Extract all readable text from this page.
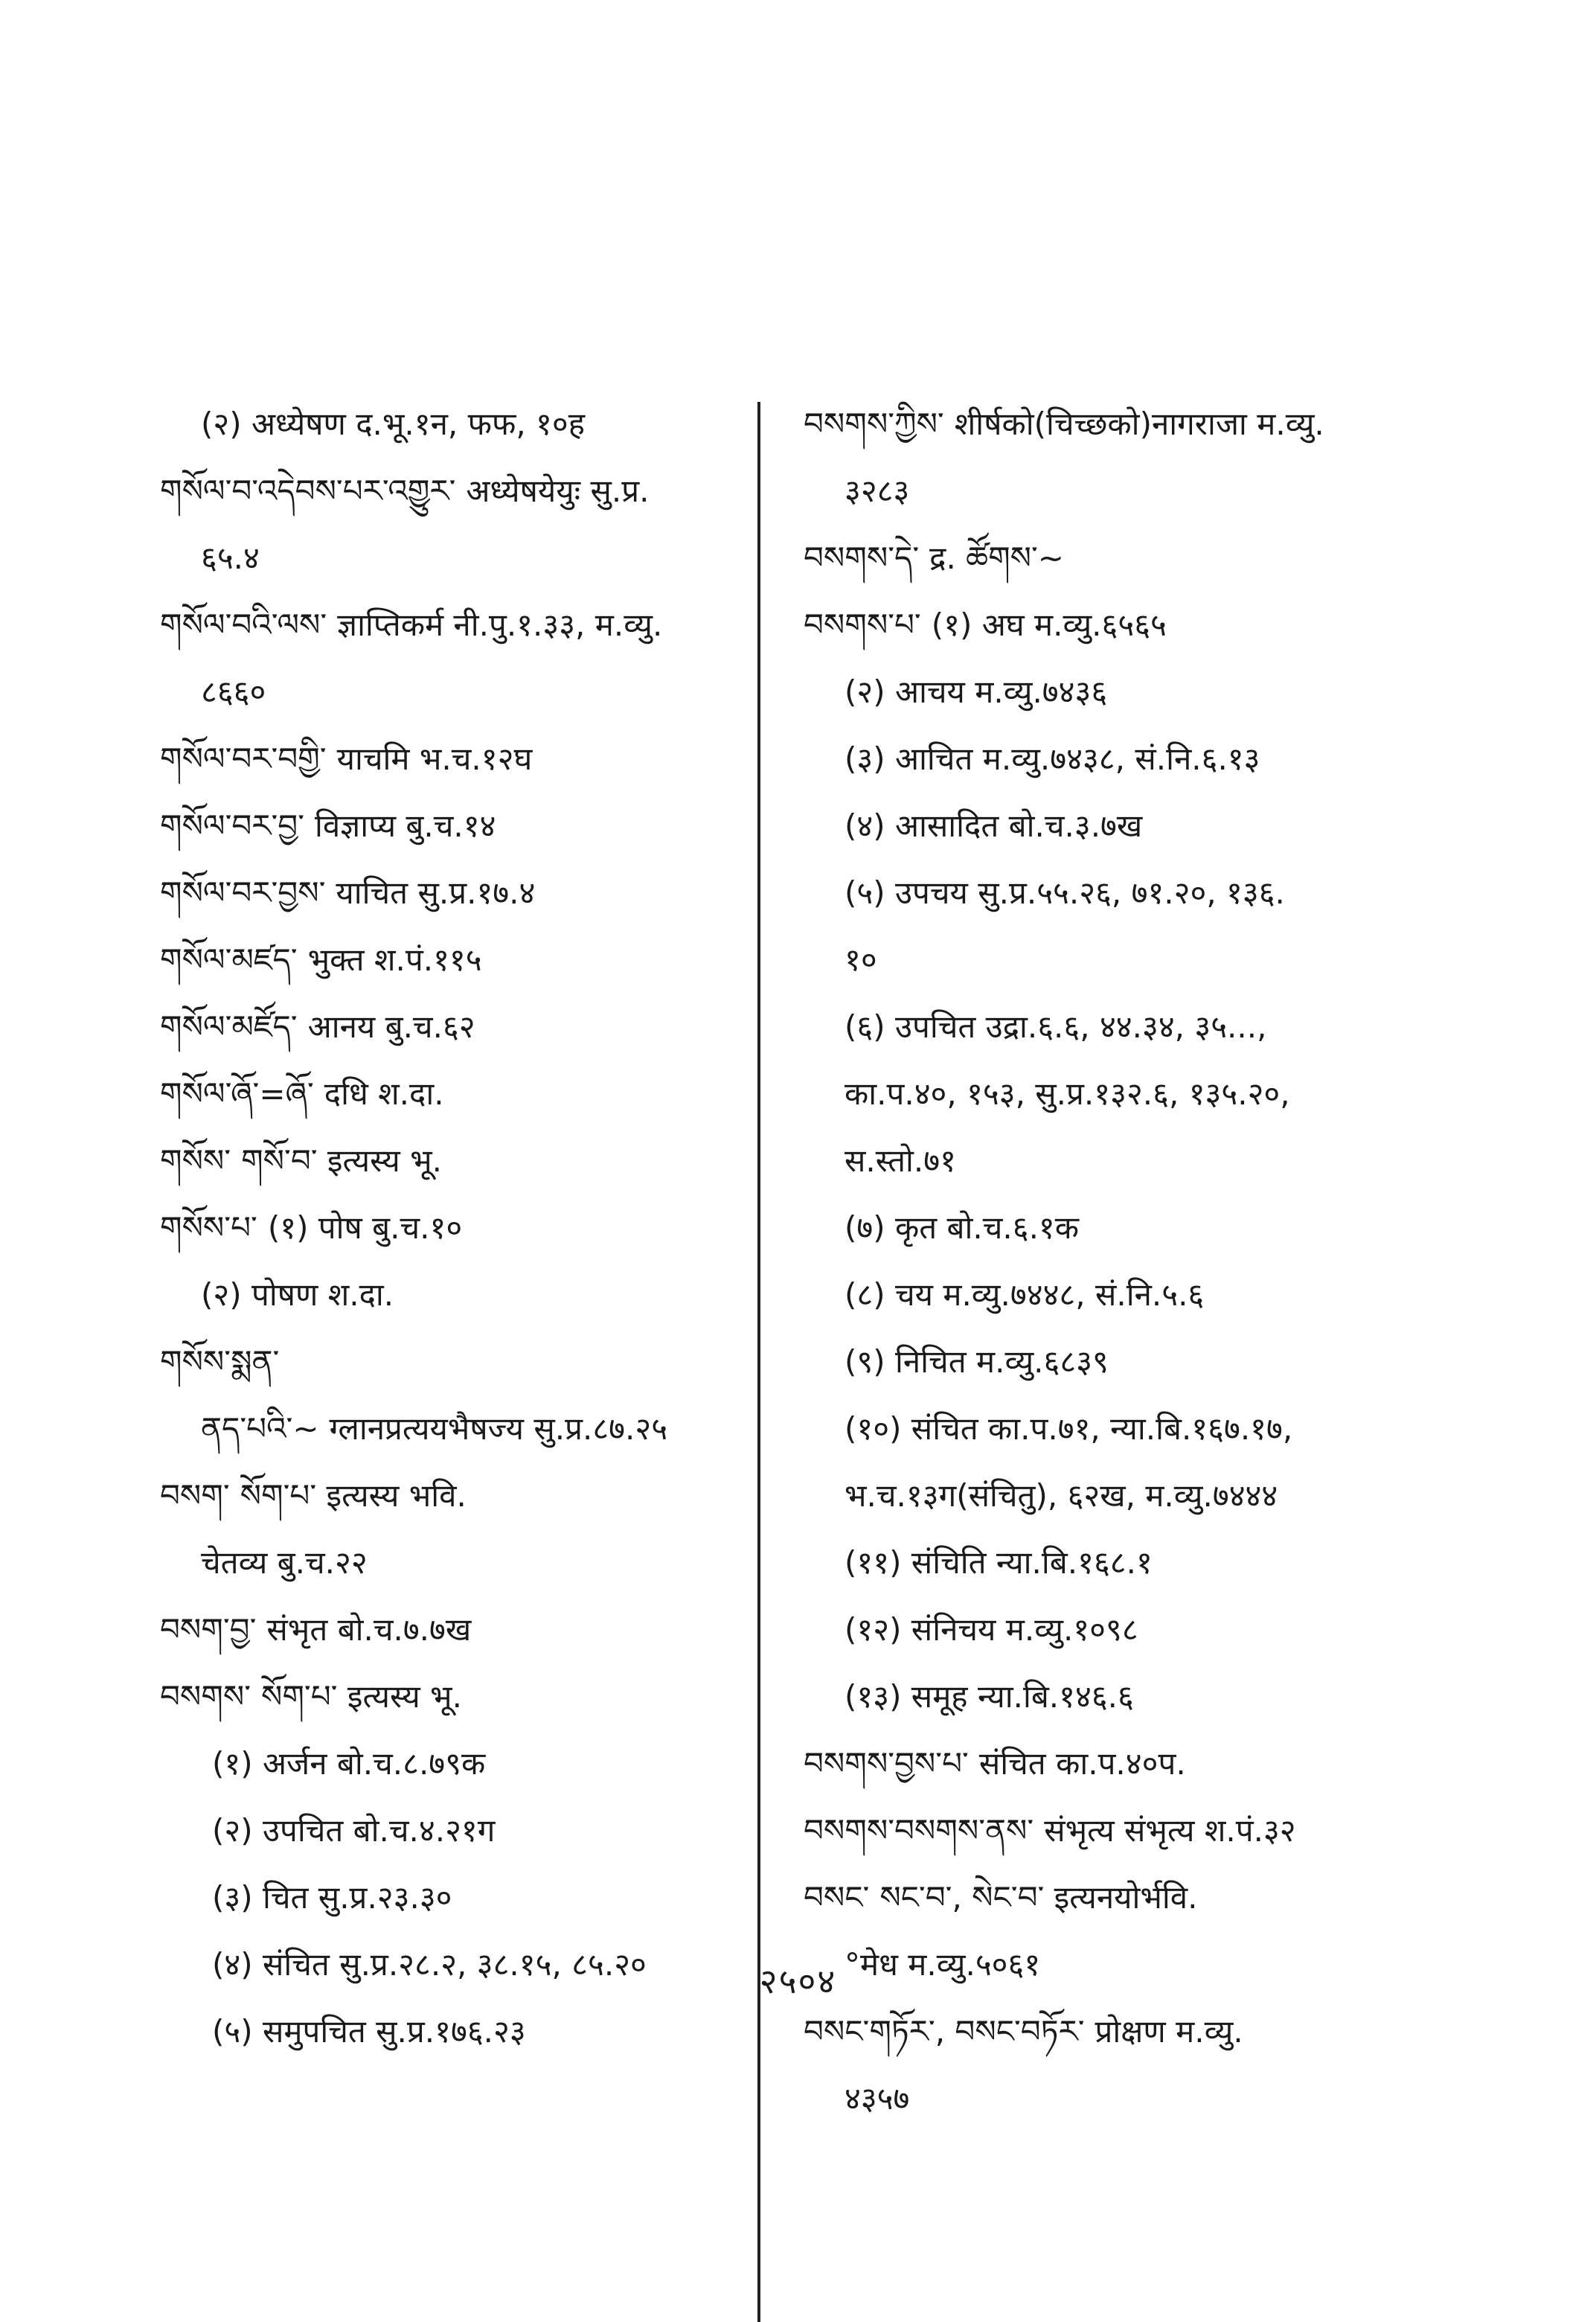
(२) अध्येषण द.भू.१न, फफ, १०ह
གསོལ་བ་འདེབས་པར་འགྱུར་ अध्येषयेयुः सु.प्र.
६५.४
གསོལ་བའི་ལས་ ज्ञाप्तिकर्म नी.पु.१.३३, म.व्यु.
८६६०
གསོལ་བར་བགྱི་ याचमि भ.च.१२घ
གསོལ་བར་བྱ་ विज्ञाप्य बु.च.१४
གསོལ་བར་བྱས་ याचित सु.प्र.१७.४
གསོལ་མཛད་ भुक्त श.पं.११५
གསོལ་མཛོད་ आनय बु.च.६२
གསོལ་ཞོ་=ཞོ་ दधि श.दा.
གསོས་ གསོ་བ་ इत्यस्य भू.
གསོས་པ་ (१) पोष बु.च.१०
(२) पोषण श.दा.
གསོས་སྨན་
ནད་པའི་~ ग्लानप्रत्ययभैषज्य सु.प्र.८७.२५
བསག་ སོག་པ་ इत्यस्य भवि.
चेतव्य बु.च.२२
བསག་བྱ་ संभृत बो.च.७.७ख
བསགས་ སོག་པ་ इत्यस्य भू.
(१) अर्जन बो.च.८.७९क
(२) उपचित बो.च.४.२१ग
(३) चित सु.प्र.२३.३०
(४) संचित सु.प्र.२८.२, ३८.१५, ८५.२०
(५) समुपचित सु.प्र.१७६.२३
བསགས་ཀྱིས་ शीर्षको(चिच्छको)नागराजा म.व्यु.
३२८३
བསགས་དེ་ द्र. ཚོགས་~
བསགས་པ་ (१) अघ म.व्यु.६५६५
(२) आचय म.व्यु.७४३६
(३) आचित म.व्यु.७४३८, सं.नि.६.१३
(४) आसादित बो.च.३.७ख
(५) उपचय सु.प्र.५५.२६, ७१.२०, १३६.
१०
(६) उपचित उद्रा.६.६, ४४.३४, ३५...,
का.प.४०, १५३, सु.प्र.१३२.६, १३५.२०,
स.स्तो.७१
(७) कृत बो.च.६.१क
(८) चय म.व्यु.७४४८, सं.नि.५.६
(९) निचित म.व्यु.६८३९
(१०) संचित का.प.७१, न्या.बि.१६७.१७,
भ.च.१३ग(संचितु), ६२ख, म.व्यु.७४४४
(११) संचिति न्या.बि.१६८.१
(१२) संनिचय म.व्यु.१०९८
(१३) समूह न्या.बि.१४६.६
བསགས་བྱས་པ་ संचित का.प.४०प.
བསགས་བསགས་ནས་ संभृत्य संभृत्य श.पं.३२
བསང་ སང་བ་, སེང་བ་ इत्यनयोर्भवि.
°मेध म.व्यु.५०६१
བསང་གཏོར་, བསང་བཏོར་ प्रोक्षण म.व्यु.
४३५७
२५०४
